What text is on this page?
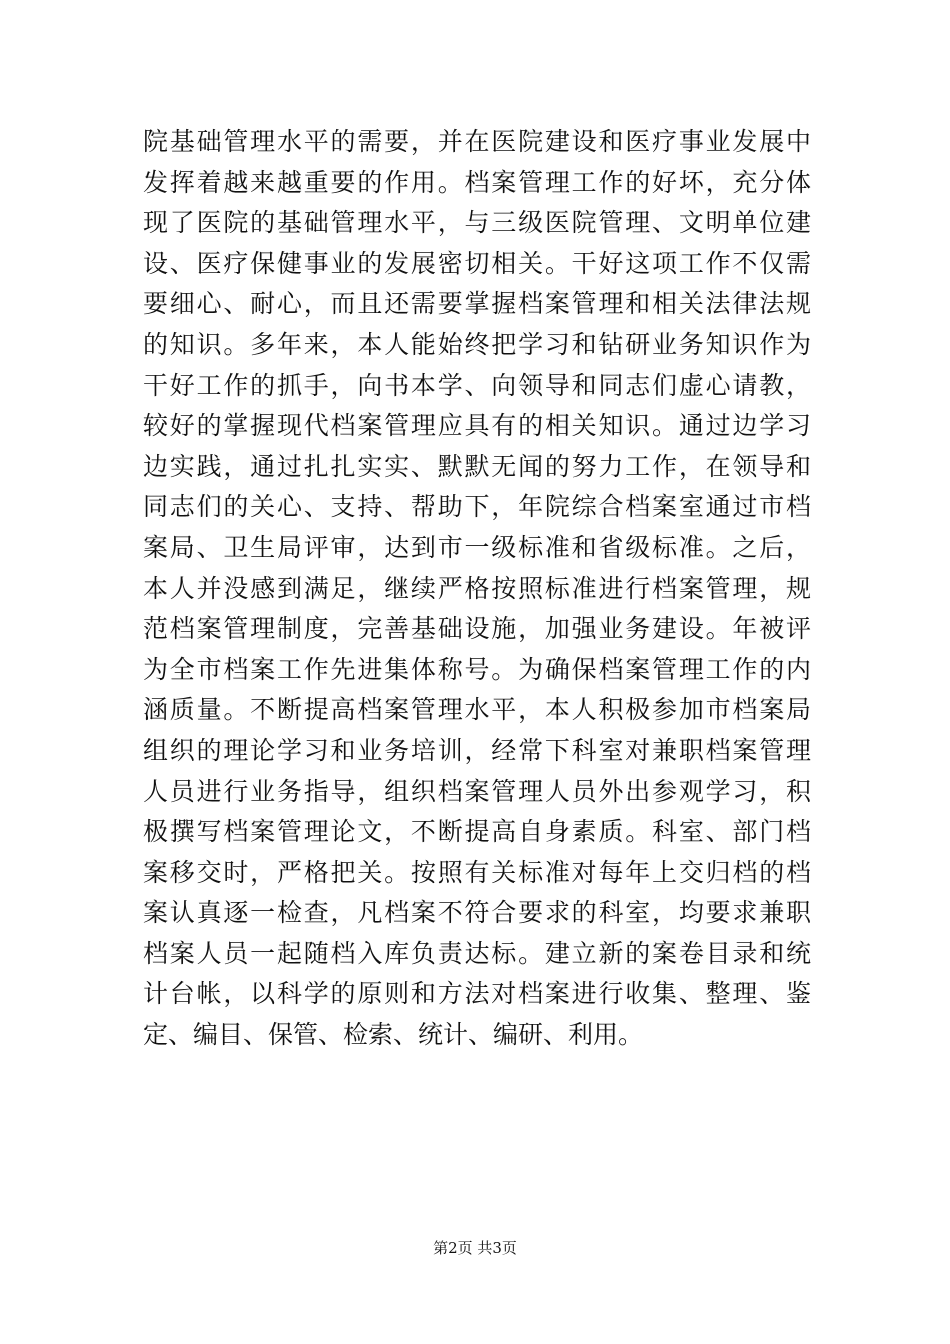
院基础管理水平的需要，并在医院建设和医疗事业发展中
发挥着越来越重要的作用。档案管理工作的好坏，充分体
现了医院的基础管理水平，与三级医院管理、文明单位建
设、医疗保健事业的发展密切相关。干好这项工作不仅需
要细心、耐心，而且还需要掌握档案管理和相关法律法规
的知识。多年来，本人能始终把学习和钻研业务知识作为
干好工作的抓手，向书本学、向领导和同志们虚心请教，
较好的掌握现代档案管理应具有的相关知识。通过边学习
边实践，通过扎扎实实、默默无闻的努力工作，在领导和
同志们的关心、支持、帮助下，年院综合档案室通过市档
案局、卫生局评审，达到市一级标准和省级标准。之后，
本人并没感到满足，继续严格按照标准进行档案管理，规
范档案管理制度，完善基础设施，加强业务建设。年被评
为全市档案工作先进集体称号。为确保档案管理工作的内
涵质量。不断提高档案管理水平，本人积极参加市档案局
组织的理论学习和业务培训，经常下科室对兼职档案管理
人员进行业务指导，组织档案管理人员外出参观学习，积
极撰写档案管理论文，不断提高自身素质。科室、部门档
案移交时，严格把关。按照有关标准对每年上交归档的档
案认真逐一检查，凡档案不符合要求的科室，均要求兼职
档案人员一起随档入库负责达标。建立新的案卷目录和统
计台帐，以科学的原则和方法对档案进行收集、整理、鉴
定、编目、保管、检索、统计、编研、利用。
第2页 共3页
